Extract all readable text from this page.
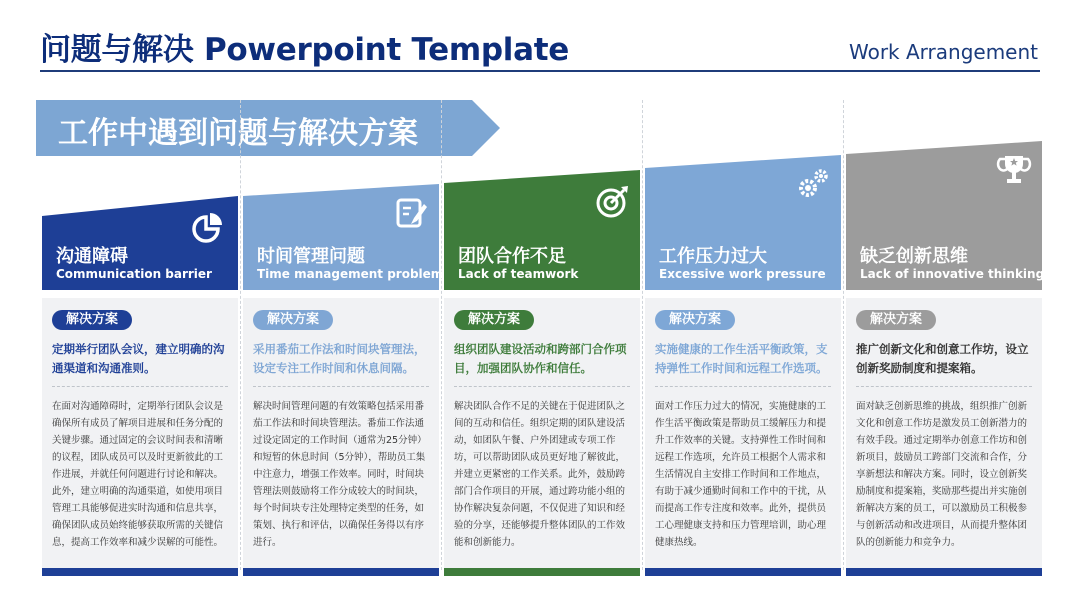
问题与解决 Powerpoint Template	Work Arrangement
工作中遇到问题与解决方案
沟通障碍
Communication barrier
解决方案
定期举行团队会议，建立明确的沟通渠道和沟通准则。
在面对沟通障碍时，定期举行团队会议是确保所有成员了解项目进展和任务分配的关键步骤。通过固定的会议时间表和清晰的议程，团队成员可以及时更新彼此的工作进展，并就任何问题进行讨论和解决。此外，建立明确的沟通渠道，如使用项目管理工具能够促进实时沟通和信息共享，确保团队成员始终能够获取所需的关键信息，提高工作效率和减少误解的可能性。
时间管理问题
Time management problem
解决方案
采用番茄工作法和时间块管理法，设定专注工作时间和休息间隔。
解决时间管理问题的有效策略包括采用番茄工作法和时间块管理法。番茄工作法通过设定固定的工作时间（通常为25分钟）和短暂的休息时间（5分钟），帮助员工集中注意力，增强工作效率。同时，时间块管理法则鼓励将工作分成较大的时间块，每个时间块专注处理特定类型的任务，如策划、执行和评估，以确保任务得以有序进行。
团队合作不足
Lack of teamwork
解决方案
组织团队建设活动和跨部门合作项目，加强团队协作和信任。
解决团队合作不足的关键在于促进团队之间的互动和信任。组织定期的团队建设活动，如团队午餐、户外团建或专项工作坊，可以帮助团队成员更好地了解彼此，并建立更紧密的工作关系。此外，鼓励跨部门合作项目的开展，通过跨功能小组的协作解决复杂问题，不仅促进了知识和经验的分享，还能够提升整体团队的工作效能和创新能力。
工作压力过大
Excessive work pressure
解决方案
实施健康的工作生活平衡政策，支持弹性工作时间和远程工作选项。
面对工作压力过大的情况，实施健康的工作生活平衡政策是帮助员工缓解压力和提升工作效率的关键。支持弹性工作时间和远程工作选项，允许员工根据个人需求和生活情况自主安排工作时间和工作地点，有助于减少通勤时间和工作中的干扰，从而提高工作专注度和效率。此外，提供员工心理健康支持和压力管理培训，助心理健康热线。
缺乏创新思维
Lack of innovative thinking
解决方案
推广创新文化和创意工作坊，设立创新奖励制度和提案箱。
面对缺乏创新思维的挑战，组织推广创新文化和创意工作坊是激发员工创新潜力的有效手段。通过定期举办创意工作坊和创新项目，鼓励员工跨部门交流和合作，分享新想法和解决方案。同时，设立创新奖励制度和提案箱，奖励那些提出并实施创新解决方案的员工，可以激励员工积极参与创新活动和改进项目，从而提升整体团队的创新能力和竞争力。
